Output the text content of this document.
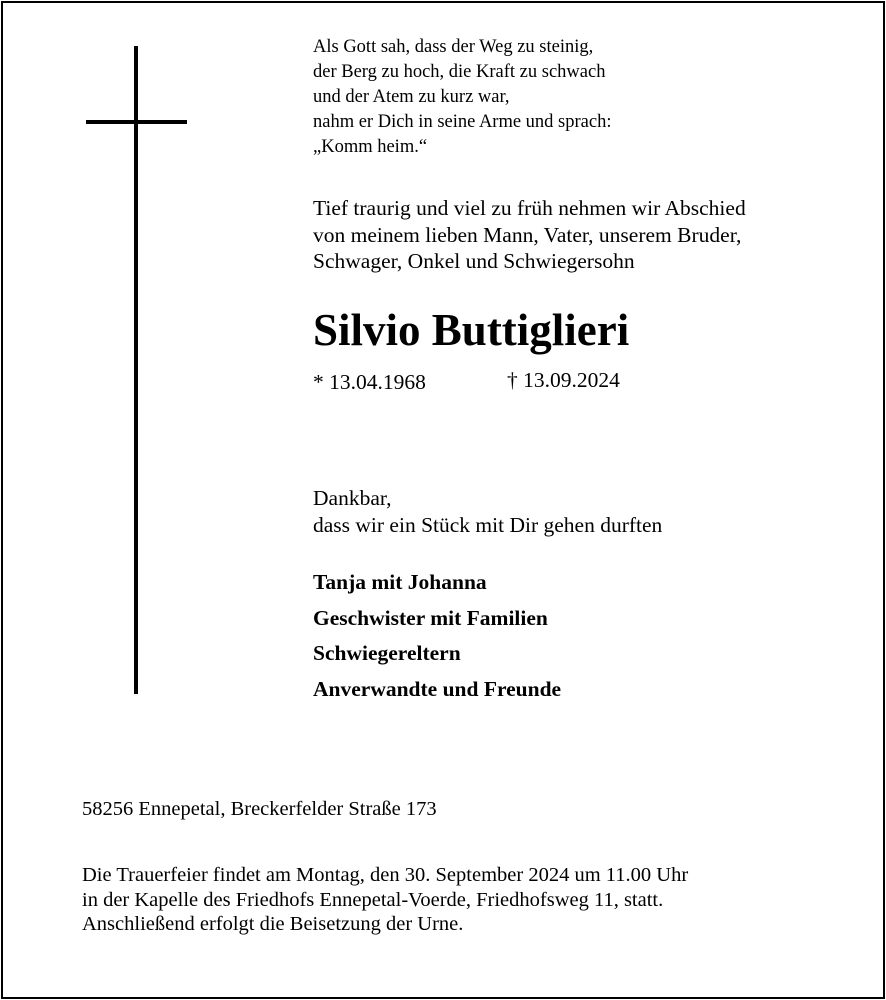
Als Gott sah, dass der Weg zu steinig,
der Berg zu hoch, die Kraft zu schwach
und der Atem zu kurz war,
nahm er Dich in seine Arme und sprach:
„Komm heim.“
Tief traurig und viel zu früh nehmen wir Abschied
von meinem lieben Mann, Vater, unserem Bruder,
Schwager, Onkel und Schwiegersohn
Silvio Buttiglieri
* 13.04.1968	† 13.09.2024
Dankbar,
dass wir ein Stück mit Dir gehen durften
Tanja mit Johanna
Geschwister mit Familien
Schwiegereltern
Anverwandte und Freunde
58256 Ennepetal, Breckerfelder Straße 173
Die Trauerfeier findet am Montag, den 30. September 2024 um 11.00 Uhr
in der Kapelle des Friedhofs Ennepetal-Voerde, Friedhofsweg 11, statt.
Anschließend erfolgt die Beisetzung der Urne.
